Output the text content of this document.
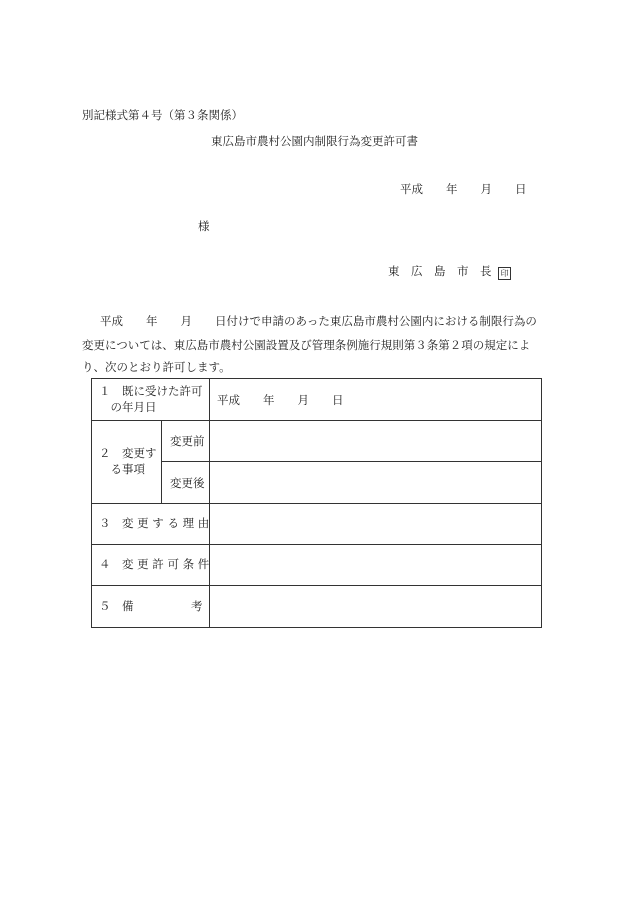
別記様式第４号（第３条関係）
東広島市農村公園内制限行為変更許可書
平成　　年　　月　　日
様
東　広　島　市　長 印
平成　　年　　月　　日付けで申請のあった東広島市農村公園内における制限行為の
変更については、東広島市農村公園設置及び管理条例施行規則第３条第２項の規定によ
り、次のとおり許可します。
１　既に受けた許可
　の年月日		平成　　年　　月　　日
２　変更す
　る事項	変更前	
	変更後	
３　変 更 す る 理 由		
４　変 更 許 可 条 件		
５　備　　　　　考		
